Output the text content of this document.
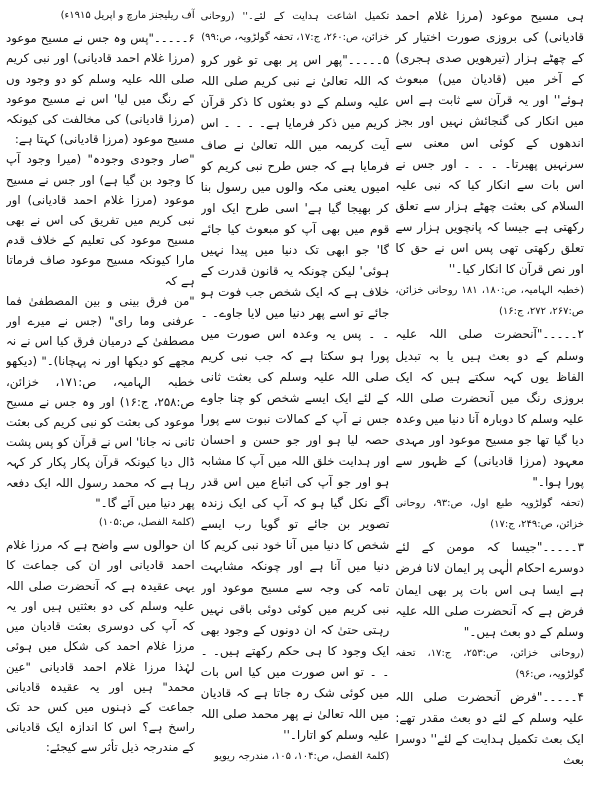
ہی مسیح موعود (مرزا غلام احمد قادیانی) کی بروزی صورت اختیار کر کے چھٹے ہزار (تیرھویں صدی ہجری) کے آخر میں (قادیان میں) مبعوث ہوئے'' اور یہ قرآن سے ثابت ہے اس میں انکار کی گنجائش نہیں اور بجز اندھوں کے کوئی اس معنی سے سرنہیں پھیرتا۔ ۔ ۔ ۔ اور جس نے اس بات سے انکار کیا کہ نبی علیہ السلام کی بعثت چھٹے ہزار سے تعلق رکھتی ہے جیسا کہ پانچویں ہزار سے تعلق رکھتی تھی پس اس نے حق کا اور نص قرآن کا انکار کیا۔''

(خطبہ الہامیہ، ص:۱۸۰، ۱۸۱ روحانی خزائن، ص:۲۶۷، ۲۷۲، ج:۱۶)

۲۔۔۔۔۔"آنحضرت صلی اللہ علیہ وسلم کے دو بعث ہیں یا بہ تبدیل الفاظ یوں کہہ سکتے ہیں کہ ایک بروزی رنگ میں آنحضرت صلی اللہ علیہ وسلم کا دوبارہ آنا دنیا میں وعدہ دیا گیا تھا جو مسیح موعود اور مہدی معہود (مرزا قادیانی) کے ظہور سے پورا ہوا۔"

(تحفہ گولڑویہ طبع اول، ص:۹۳، روحانی خزائن، ص:۲۴۹، ج:۱۷)

۳۔۔۔۔۔"جیسا کہ مومن کے لئے دوسرے احکام الٰہی پر ایمان لانا فرض ہے ایسا ہی اس بات پر بھی ایمان فرض ہے کہ آنحضرت صلی اللہ علیہ وسلم کے دو بعث ہیں۔"

(روحانی خزائن، ص:۲۵۳، ج:۱۷، تحفہ گولڑویہ، ص:۹۶)

۴۔۔۔۔۔"فرض آنحضرت صلی اللہ علیہ وسلم کے لئے دو بعث مقدر تھے: ایک بعث تکمیل ہدایت کے لئے'' دوسرا بعث

تکمیل اشاعت ہدایت کے لئے۔'' (روحانی خزائن، ص:۲۶۰، ج:۱۷، تحفہ گولڑویہ، ص:۹۹)

۵۔۔۔۔۔"پھر اس پر بھی تو غور کرو کہ اللہ تعالیٰ نے نبی کریم صلی اللہ علیہ وسلم کے دو بعثوں کا ذکر قرآن کریم میں ذکر فرمایا ہے۔ ۔ ۔ ۔ اس آیت کریمہ میں اللہ تعالیٰ نے صاف فرمایا ہے کہ جس طرح نبی کریم کو امیوں یعنی مکہ والوں میں رسول بنا کر بھیجا گیا ہے' اسی طرح ایک اور قوم میں بھی آپ کو مبعوث کیا جائے گا' جو ابھی تک دنیا میں پیدا نہیں ہوئی' لیکن چونکہ یہ قانون قدرت کے خلاف ہے کہ ایک شخص جب فوت ہو جائے تو اسے پھر دنیا میں لایا جاوے۔ ۔ ۔ ۔ پس یہ وعدہ اس صورت میں پورا ہو سکتا ہے کہ جب نبی کریم صلی اللہ علیہ وسلم کی بعثت ثانی کے لئے ایک ایسے شخص کو چنا جاوے جس نے آپ کے کمالات نبوت سے پورا حصہ لیا ہو اور جو حسن و احسان اور ہدایت خلق اللہ میں آپ کا مشابہ ہو اور جو آپ کی اتباع میں اس قدر آگے نکل گیا ہو کہ آپ کی ایک زندہ تصویر بن جائے تو گویا رب ایسے شخص کا دنیا میں آنا خود نبی کریم کا دنیا میں آنا ہے اور چونکہ مشابہت تامہ کی وجہ سے مسیح موعود اور نبی کریم میں کوئی دوئی باقی نہیں رہتی حتیٰ کہ ان دونوں کے وجود بھی ایک وجود کا ہی حکم رکھتے ہیں۔ ۔ ۔ ۔ تو اس صورت میں کیا اس بات میں کوئی شک رہ جاتا ہے کہ قادیان میں اللہ تعالیٰ نے پھر محمد صلی اللہ علیہ وسلم کو اتارا۔''

(کلمۃ الفصل، ص:۱۰۴، ۱۰۵، مندرجہ ریویو

آف ریلیجنز مارچ و اپریل ۱۹۱۵ء)

۶۔۔۔۔۔"پس وہ جس نے مسیح موعود (مرزا غلام احمد قادیانی) اور نبی کریم صلی اللہ علیہ وسلم کو دو وجود وں کے رنگ میں لیا' اس نے مسیح موعود (مرزا قادیانی) کی مخالفت کی کیونکہ مسیح موعود (مرزا قادیانی) کہتا ہے:

"صار وجودی وجودہ" (میرا وجود آپ کا وجود بن گیا ہے) اور جس نے مسیح موعود (مرزا غلام احمد قادیانی) اور نبی کریم میں تفریق کی اس نے بھی مسیح موعود کی تعلیم کے خلاف قدم مارا کیونکہ مسیح موعود صاف فرماتا ہے کہ

"من فرق بینی و بین المصطفیٰ فما عرفنی وما رای" (جس نے میرے اور مصطفیٰ کے درمیان فرق کیا اس نے نہ مجھے کو دیکھا اور نہ پہچانا)۔" (دیکھو خطبہ الہامیہ، ص:۱۷۱، خزائن، ص:۲۵۸، ج:۱۶) اور وہ جس نے مسیح موعود کی بعثت کو نبی کریم کی بعثت ثانی نہ جانا' اس نے قرآن کو پس پشت ڈال دیا کیونکہ قرآن پکار پکار کر کہہ رہا ہے کہ محمد رسول اللہ ایک دفعہ پھر دنیا میں آئے گا۔"

(کلمۃ الفصل، ص:۱۰۵)

ان حوالوں سے واضح ہے کہ مرزا غلام احمد قادیانی اور ان کی جماعت کا یہی عقیدہ ہے کہ آنحضرت صلی اللہ علیہ وسلم کی دو بعثتیں ہیں اور یہ کہ آپ کی دوسری بعثت قادیان میں مرزا غلام احمد کی شکل میں ہوئی لہٰذا مرزا غلام احمد قادیانی "عین محمد" ہیں اور یہ عقیدہ قادیانی جماعت کے ذہنوں میں کس حد تک راسخ ہے؟ اس کا اندازہ ایک قادیانی کے مندرجہ ذیل تأثر سے کیجئے:
